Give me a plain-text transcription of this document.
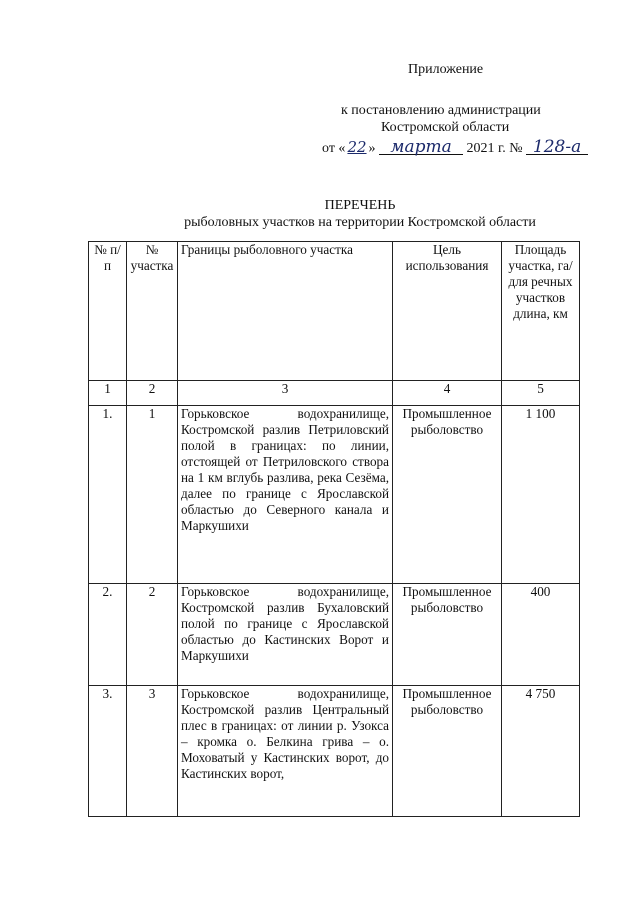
Приложение
к постановлению администрации
Костромской области
от « 22 » марта 2021 г. № 128-а
ПЕРЕЧЕНЬ
рыболовных участков на территории Костромской области
№ п/п	№ участка	Границы рыболовного участка	Цель использования	Площадь участка, га/ для речных участков длина, км
1	2	3	4	5
1.	1	Горьковское водохранилище, Костромской разлив Петриловский полой в границах: по линии, отстоящей от Петриловского створа на 1 км вглубь разлива, река Сезёма, далее по границе с Ярославской областью до Северного канала и Маркушихи	Промышленное рыболовство	1 100
2.	2	Горьковское водохранилище, Костромской разлив Бухаловский полой по границе с Ярославской областью до Кастинских Ворот и Маркушихи	Промышленное рыболовство	400
3.	3	Горьковское водохранилище, Костромской разлив Центральный плес в границах: от линии р. Узокса – кромка о. Белкина грива – о. Моховатый у Кастинских ворот, до Кастинских ворот,	Промышленное рыболовство	4 750
